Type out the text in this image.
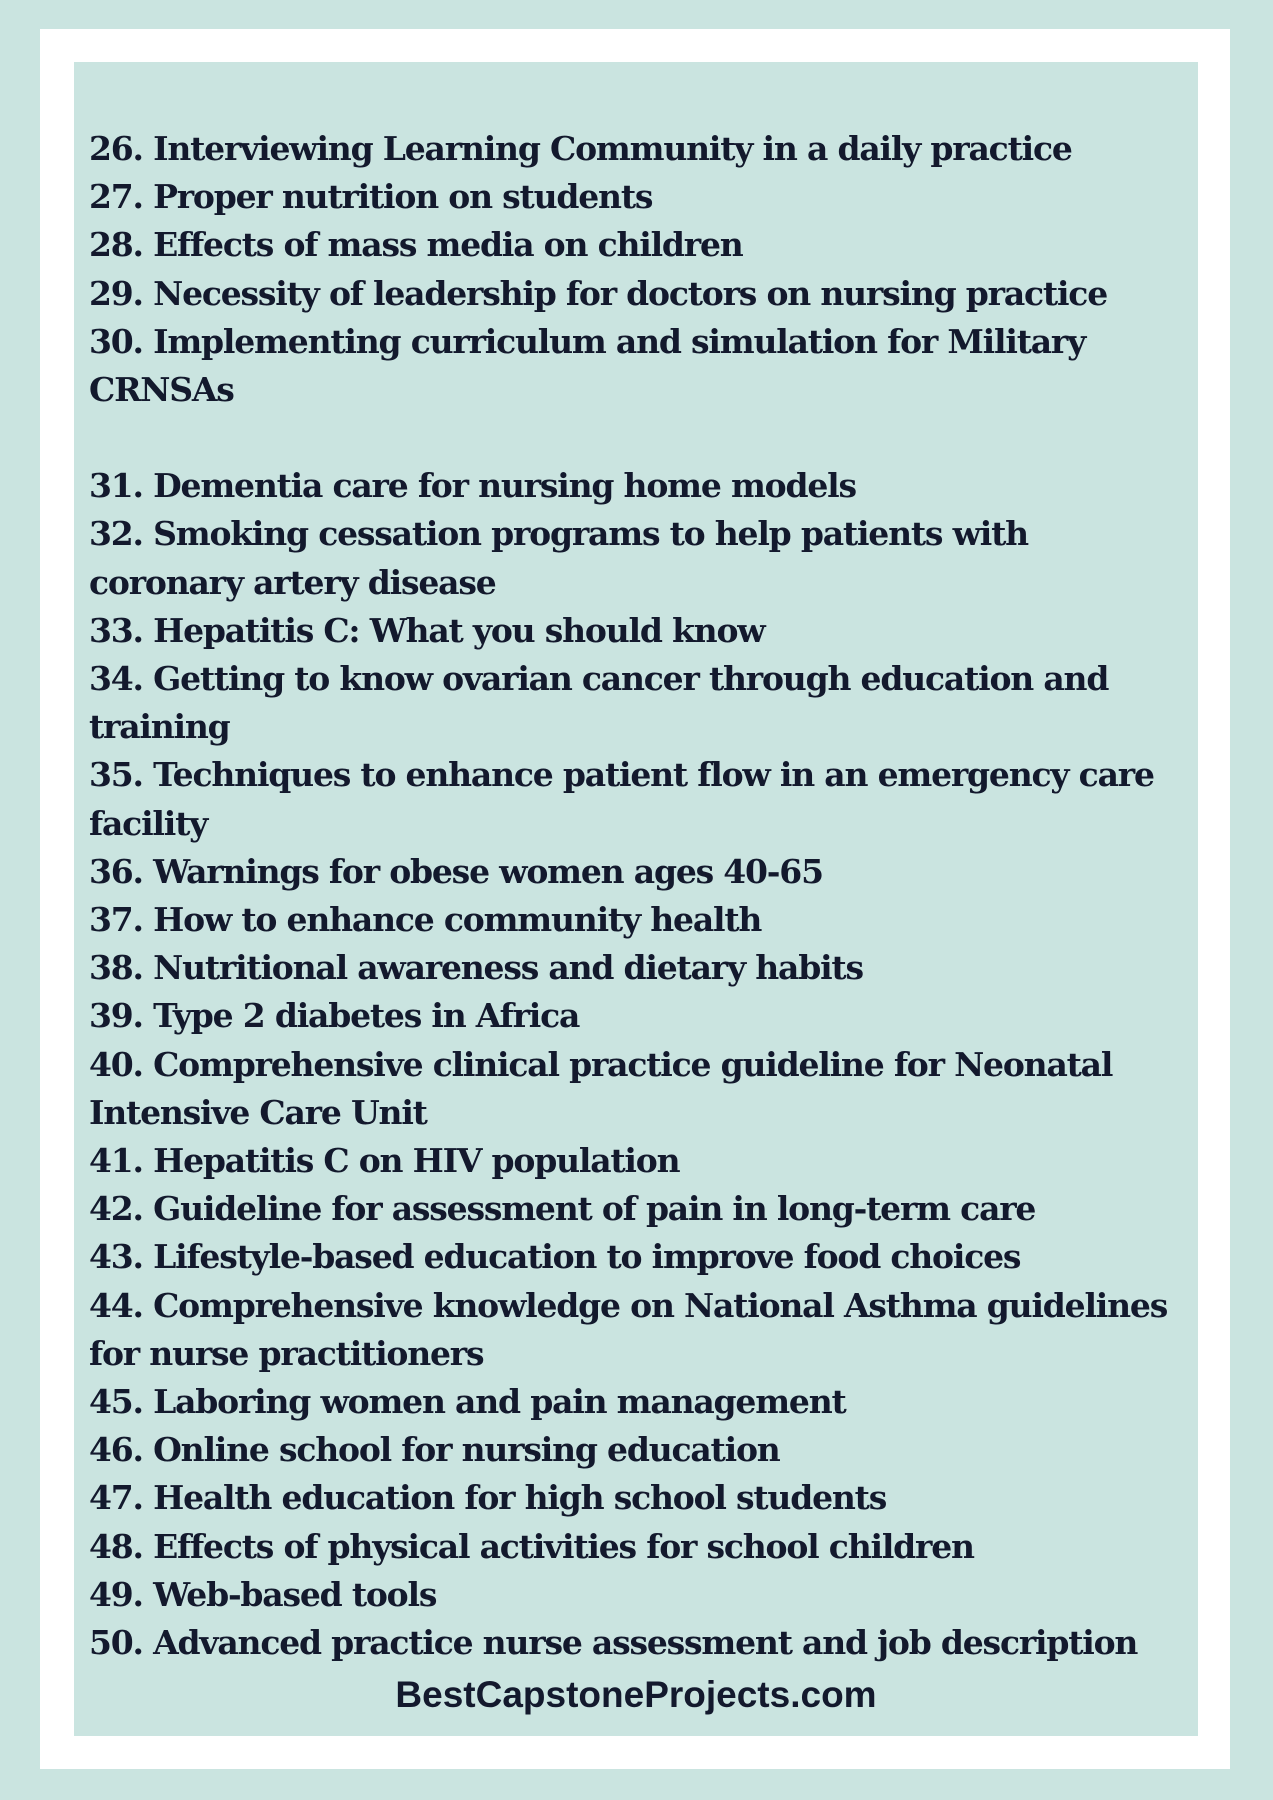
26. Interviewing Learning Community in a daily practice
27. Proper nutrition on students
28. Effects of mass media on children
29. Necessity of leadership for doctors on nursing practice
30. Implementing curriculum and simulation for Military CRNSAs
31. Dementia care for nursing home models
32. Smoking cessation programs to help patients with coronary artery disease
33. Hepatitis C: What you should know
34. Getting to know ovarian cancer through education and training
35. Techniques to enhance patient flow in an emergency care facility
36. Warnings for obese women ages 40-65
37. How to enhance community health
38. Nutritional awareness and dietary habits
39. Type 2 diabetes in Africa
40. Comprehensive clinical practice guideline for Neonatal Intensive Care Unit
41. Hepatitis C on HIV population
42. Guideline for assessment of pain in long-term care
43. Lifestyle-based education to improve food choices
44. Comprehensive knowledge on National Asthma guidelines for nurse practitioners
45. Laboring women and pain management
46. Online school for nursing education
47. Health education for high school students
48. Effects of physical activities for school children
49. Web-based tools
50. Advanced practice nurse assessment and job description
BestCapstoneProjects.com
